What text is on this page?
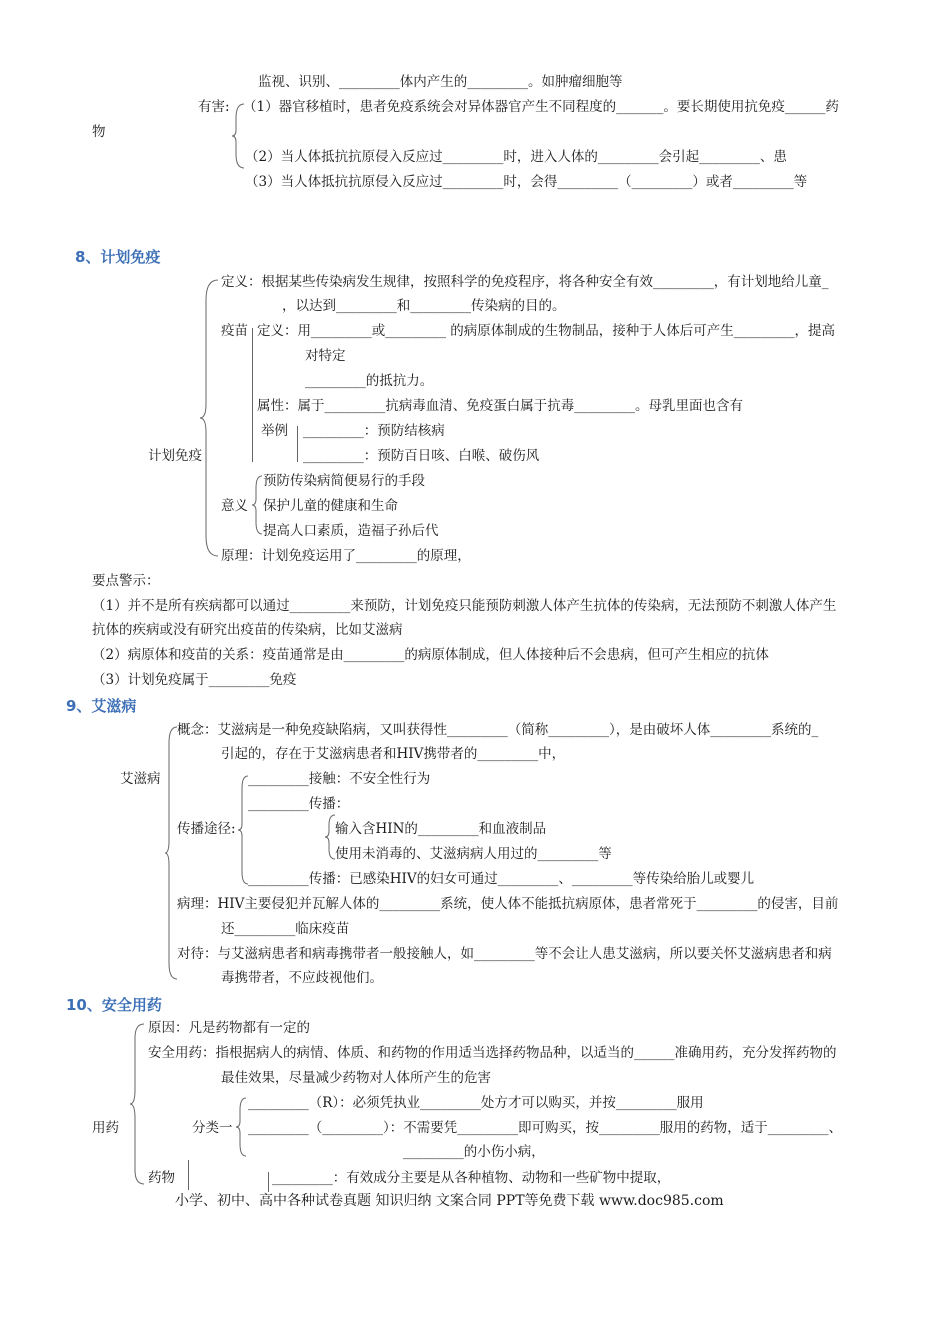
监视、识别、_________体内产生的_________。如肿瘤细胞等
有害: （1）器官移植时，患者免疫系统会对异体器官产生不同程度的_______。要长期使用抗免疫______药
物
（2）当人体抵抗抗原侵入反应过_________时，进入人体的_________会引起_________、患
（3）当人体抵抗抗原侵入反应过_________时，会得_________（_________）或者_________等
8、计划免疫
计划免疫
定义：根据某些传染病发生规律，按照科学的免疫程序，将各种安全有效_________，有计划地给儿童_
，以达到_________和_________传染病的目的。
疫苗 定义：用_________或_________ 的病原体制成的生物制品，接种于人体后可产生_________，提高
对特定
_________的抵抗力。
属性：属于_________抗病毒血清、免疫蛋白属于抗毒_________。母乳里面也含有
举例 _________：预防结核病
_________：预防百日咳、白喉、破伤风
意义
预防传染病简便易行的手段
保护儿童的健康和生命
提高人口素质，造福子孙后代
原理：计划免疫运用了_________的原理，
要点警示：
（1）并不是所有疾病都可以通过_________来预防，计划免疫只能预防刺激人体产生抗体的传染病，无法预防不刺激人体产生
抗体的疾病或没有研究出疫苗的传染病，比如艾滋病
（2）病原体和疫苗的关系：疫苗通常是由_________的病原体制成，但人体接种后不会患病，但可产生相应的抗体
（3）计划免疫属于_________免疫
9、艾滋病
艾滋病
概念：艾滋病是一种免疫缺陷病，又叫获得性_________（简称_________），是由破坏人体_________系统的_
引起的，存在于艾滋病患者和HIV携带者的_________中，
传播途径:
_________接触：不安全性行为
_________传播：
输入含HIN的_________和血液制品
使用未消毒的、艾滋病病人用过的_________等
_________传播：已感染HIV的妇女可通过_________、_________等传染给胎儿或婴儿
病理：HIV主要侵犯并瓦解人体的_________系统，使人体不能抵抗病原体，患者常死于_________的侵害，目前
还_________临床疫苗
对待：与艾滋病患者和病毒携带者一般接触人，如_________等不会让人患艾滋病，所以要关怀艾滋病患者和病
毒携带者，不应歧视他们。
10、安全用药
用药
原因：凡是药物都有一定的
安全用药：指根据病人的病情、体质、和药物的作用适当选择药物品种，以适当的______准确用药，充分发挥药物的
最佳效果，尽量减少药物对人体所产生的危害
分类一
_________（R）：必须凭执业_________处方才可以购买，并按_________服用
_________（_________）：不需要凭_________即可购买，按_________服用的药物，适于_________、
_________的小伤小病，
药物	_________：有效成分主要是从各种植物、动物和一些矿物中提取，
小学、初中、高中各种试卷真题 知识归纳 文案合同 PPT等免费下载 www.doc985.com
